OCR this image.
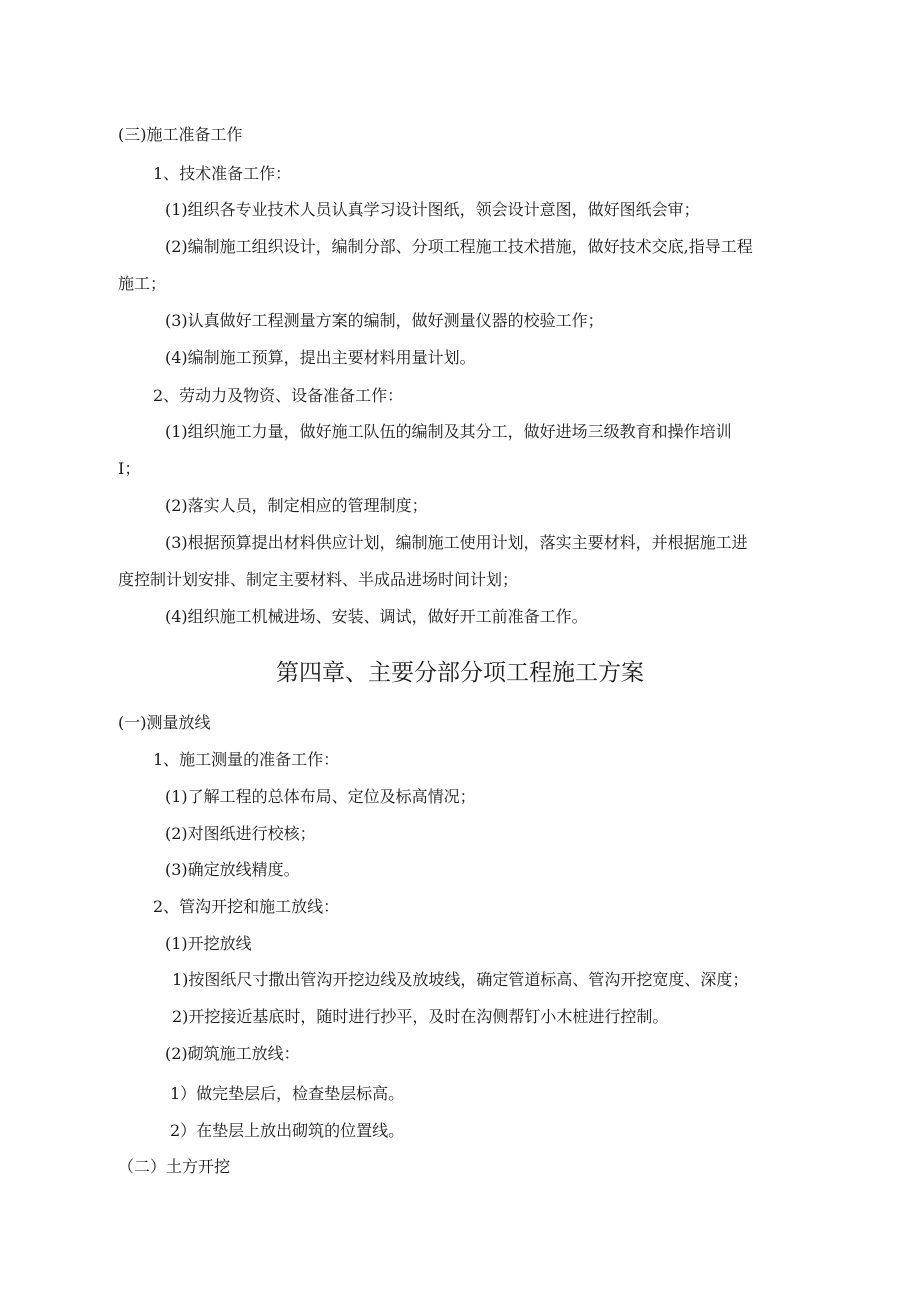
(三)施工准备工作
1、技术准备工作：
(1)组织各专业技术人员认真学习设计图纸，领会设计意图，做好图纸会审；
(2)编制施工组织设计，编制分部、分项工程施工技术措施，做好技术交底,指导工程
施工；
(3)认真做好工程测量方案的编制，做好测量仪器的校验工作；
(4)编制施工预算，提出主要材料用量计划。
2、劳动力及物资、设备准备工作：
(1)组织施工力量，做好施工队伍的编制及其分工，做好进场三级教育和操作培训
I；
(2)落实人员，制定相应的管理制度；
(3)根据预算提出材料供应计划，编制施工使用计划，落实主要材料，并根据施工进
度控制计划安排、制定主要材料、半成品进场时间计划；
(4)组织施工机械进场、安装、调试，做好开工前准备工作。
第四章、主要分部分项工程施工方案
(一)测量放线
1、施工测量的准备工作：
(1)了解工程的总体布局、定位及标高情况；
(2)对图纸进行校核；
(3)确定放线精度。
2、管沟开挖和施工放线：
(1)开挖放线
1)按图纸尺寸撒出管沟开挖边线及放坡线，确定管道标高、管沟开挖宽度、深度；
2)开挖接近基底时，随时进行抄平，及时在沟侧帮钉小木桩进行控制。
(2)砌筑施工放线：
1）做完垫层后，检查垫层标高。
2）在垫层上放出砌筑的位置线。
（二）土方开挖
